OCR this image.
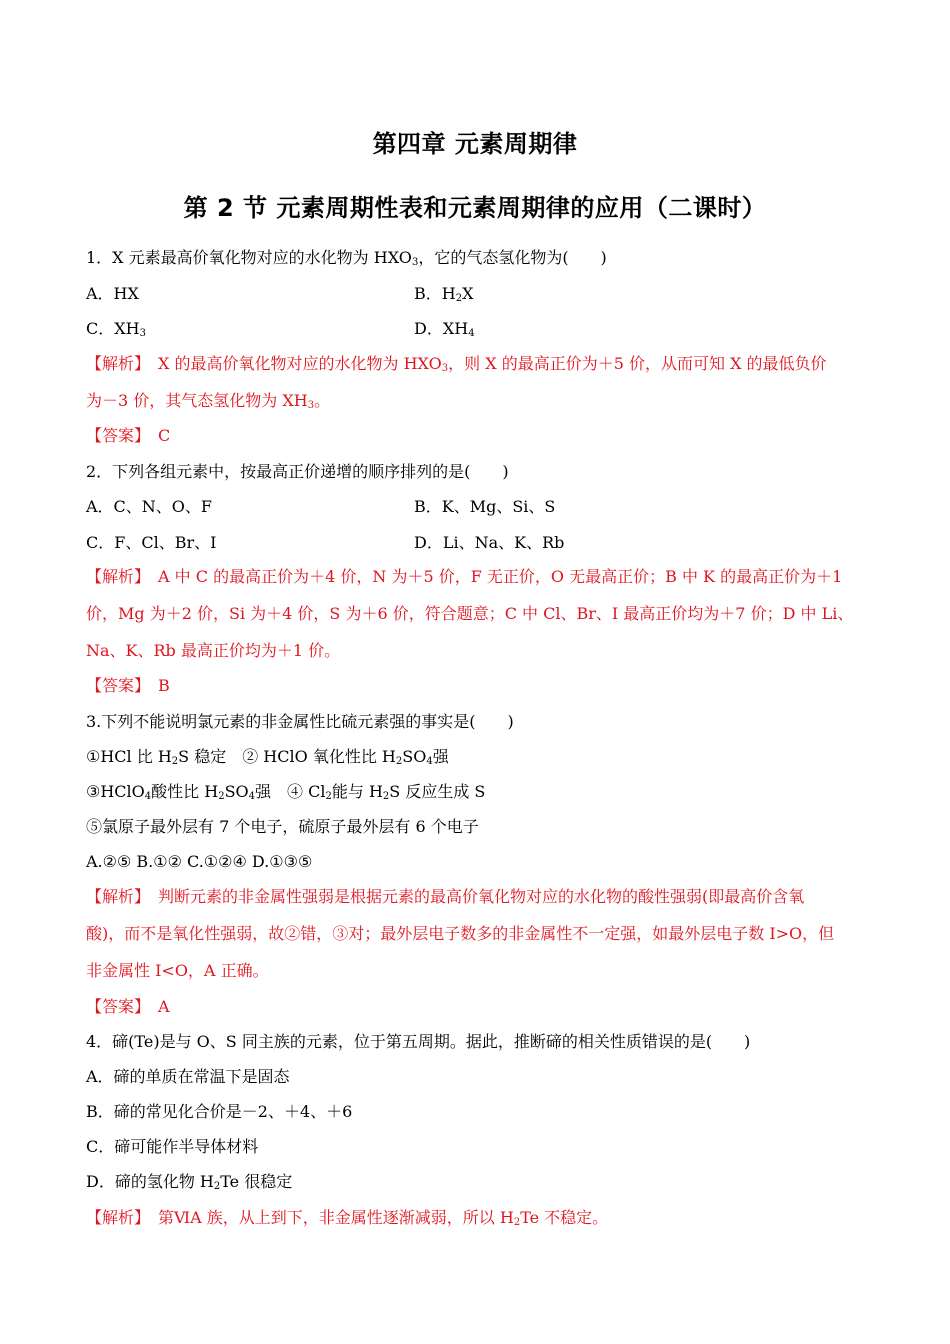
第四章 元素周期律
第 2 节 元素周期性表和元素周期律的应用（二课时）
1．X 元素最高价氧化物对应的水化物为 $HXO_3$，它的气态氢化物为(　　)
A．HX	B．$H_2X$
C．$XH_3$	D．$XH_4$
【解析】　 X 的最高价氧化物对应的水化物为 $HXO_3$，则 X 的最高正价为＋5 价，从而可知 X 的最低负价
为－3 价，其气态氢化物为 $XH_3$。
【答案】　 C
2．下列各组元素中，按最高正价递增的顺序排列的是(　　)
A．C、N、O、F	B．K、Mg、Si、S
C．F、Cl、Br、I	D．Li、Na、K、Rb
【解析】　 A 中 C 的最高正价为＋4 价，N 为＋5 价，F 无正价，O 无最高正价；B 中 K 的最高正价为＋1
价，Mg 为＋2 价，Si 为＋4 价，S 为＋6 价，符合题意；C 中 Cl、Br、I 最高正价均为＋7 价；D 中 Li、
Na、K、Rb 最高正价均为＋1 价。
【答案】　 B
3.下列不能说明氯元素的非金属性比硫元素强的事实是(　　)
①HCl 比 $H_2S$ 稳定　② HClO 氧化性比 $H_2SO_4$强
③HClO$_4$酸性比 $H_2SO_4$强　④ $Cl_2$能与 $H_2S$ 反应生成 S
⑤氯原子最外层有 7 个电子，硫原子最外层有 6 个电子
A.②⑤ B.①② C.①②④ D.①③⑤
【解析】　 判断元素的非金属性强弱是根据元素的最高价氧化物对应的水化物的酸性强弱(即最高价含氧
酸)，而不是氧化性强弱，故②错，③对；最外层电子数多的非金属性不一定强，如最外层电子数 I>O，但
非金属性 I<O，A 正确。
【答案】　 A
4．碲(Te)是与 O、S 同主族的元素，位于第五周期。据此，推断碲的相关性质错误的是(　　)
A．碲的单质在常温下是固态
B．碲的常见化合价是－2、＋4、＋6
C．碲可能作半导体材料
D．碲的氢化物 $H_2Te$ 很稳定
【解析】　 第ⅥA 族，从上到下，非金属性逐渐减弱，所以 $H_2Te$ 不稳定。
